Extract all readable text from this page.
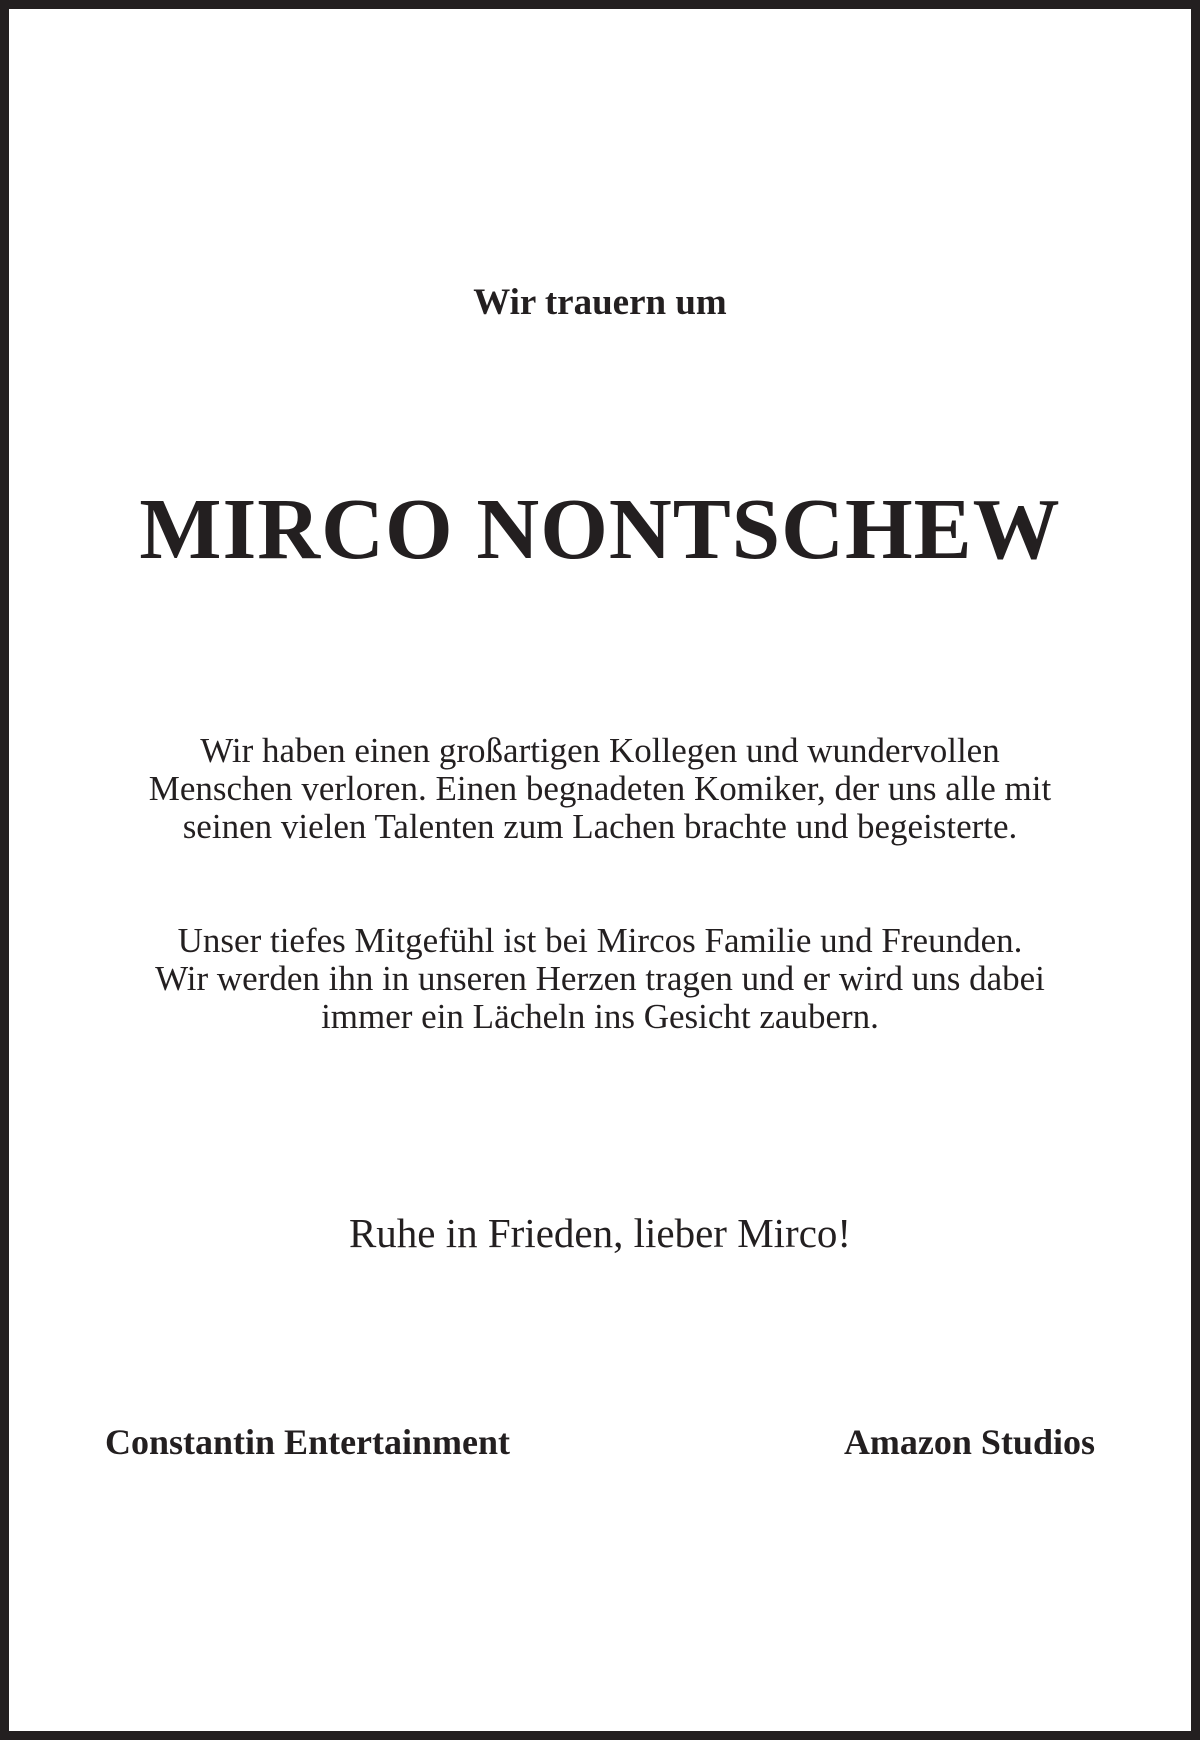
Wir trauern um
MIRCO NONTSCHEW

Wir haben einen großartigen Kollegen und wundervollen
Menschen verloren. Einen begnadeten Komiker, der uns alle mit
seinen vielen Talenten zum Lachen brachte und begeisterte.

Unser tiefes Mitgefühl ist bei Mircos Familie und Freunden.
Wir werden ihn in unseren Herzen tragen und er wird uns dabei
immer ein Lächeln ins Gesicht zaubern.

Ruhe in Frieden, lieber Mirco!
Constantin Entertainment	Amazon Studios
